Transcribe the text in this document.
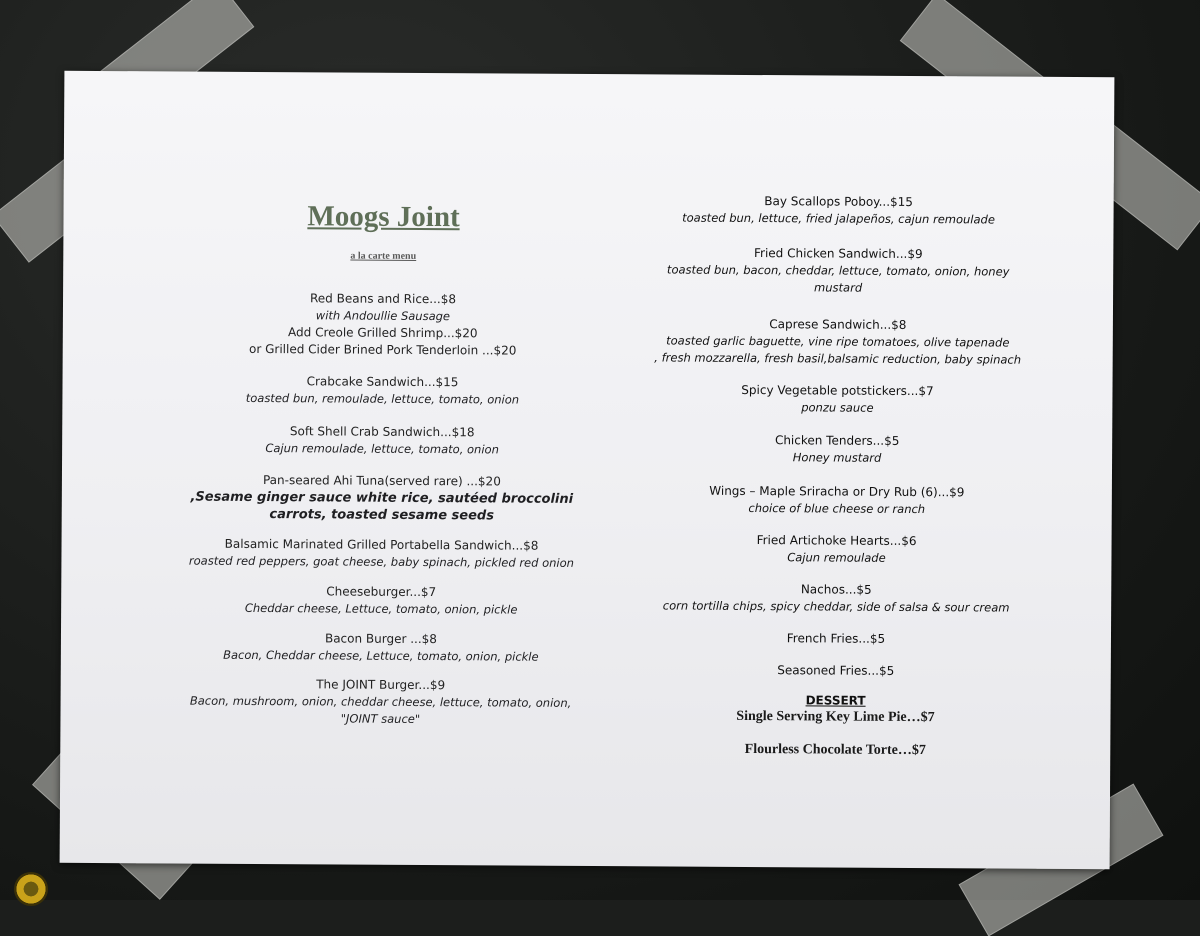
Moogs Joint
a la carte menu
Red Beans and Rice...$8
with Andoullie Sausage
Add Creole Grilled Shrimp...$20
or Grilled Cider Brined Pork Tenderloin ...$20
Crabcake Sandwich...$15
toasted bun, remoulade, lettuce, tomato, onion
Soft Shell Crab Sandwich...$18
Cajun remoulade, lettuce, tomato, onion
Pan-seared Ahi Tuna(served rare) ...$20
,Sesame ginger sauce white rice, sautéed broccolini
carrots, toasted sesame seeds
Balsamic Marinated Grilled Portabella Sandwich...$8
roasted red peppers, goat cheese, baby spinach, pickled red onion
Cheeseburger...$7
Cheddar cheese, Lettuce, tomato, onion, pickle
Bacon Burger ...$8
Bacon, Cheddar cheese, Lettuce, tomato, onion, pickle
The JOINT Burger...$9
Bacon, mushroom, onion, cheddar cheese, lettuce, tomato, onion,
"JOINT sauce"
Bay Scallops Poboy...$15
toasted bun, lettuce, fried jalapeños, cajun remoulade
Fried Chicken Sandwich...$9
toasted bun, bacon, cheddar, lettuce, tomato, onion, honey
mustard
Caprese Sandwich...$8
toasted garlic baguette, vine ripe tomatoes, olive tapenade
, fresh mozzarella, fresh basil,balsamic reduction, baby spinach
Spicy Vegetable potstickers...$7
ponzu sauce
Chicken Tenders...$5
Honey mustard
Wings – Maple Sriracha or Dry Rub (6)...$9
choice of blue cheese or ranch
Fried Artichoke Hearts...$6
Cajun remoulade
Nachos...$5
corn tortilla chips, spicy cheddar, side of salsa & sour cream
French Fries...$5
Seasoned Fries...$5
DESSERT
Single Serving Key Lime Pie…$7
Flourless Chocolate Torte…$7
